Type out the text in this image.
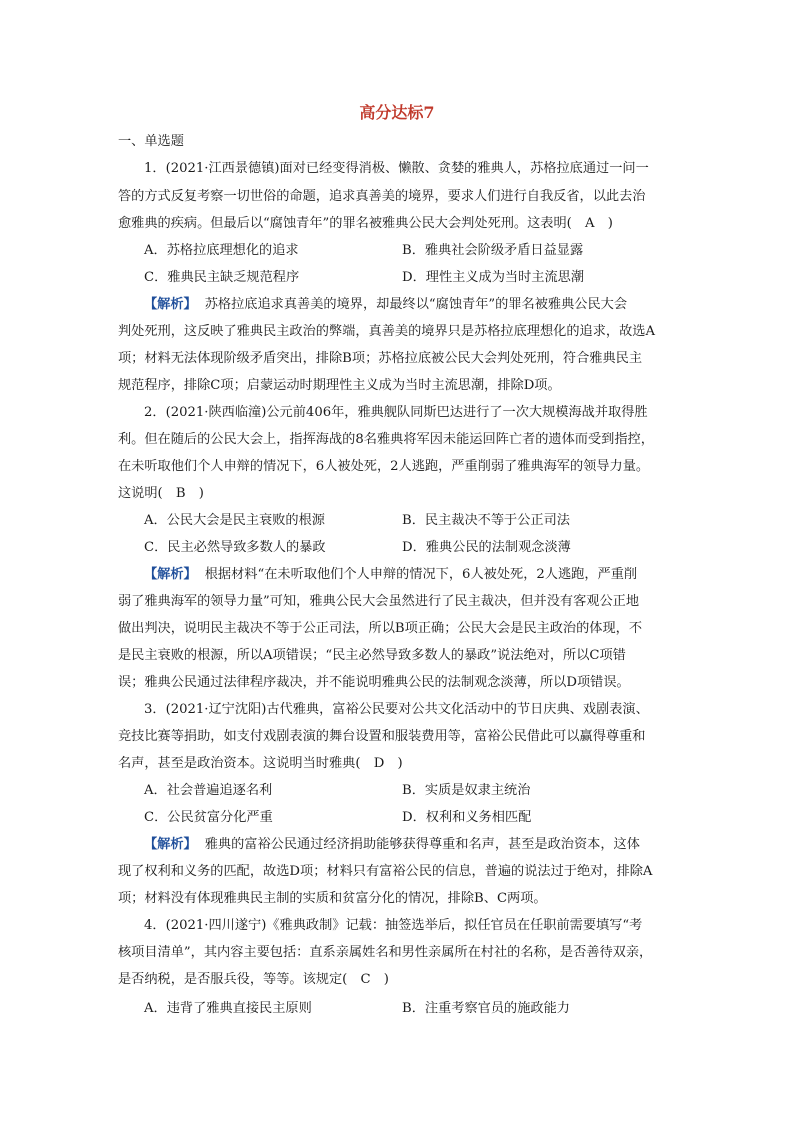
高分达标7
一、单选题
1．(2021·江西景德镇)面对已经变得消极、懒散、贪婪的雅典人，苏格拉底通过一问一
答的方式反复考察一切世俗的命题，追求真善美的境界，要求人们进行自我反省，以此去治
愈雅典的疾病。但最后以“腐蚀青年”的罪名被雅典公民大会判处死刑。这表明(　A　)
A．苏格拉底理想化的追求	B．雅典社会阶级矛盾日益显露
C．雅典民主缺乏规范程序	D．理性主义成为当时主流思潮
【解析】 苏格拉底追求真善美的境界，却最终以“腐蚀青年”的罪名被雅典公民大会
判处死刑，这反映了雅典民主政治的弊端，真善美的境界只是苏格拉底理想化的追求，故选A
项；材料无法体现阶级矛盾突出，排除B项；苏格拉底被公民大会判处死刑，符合雅典民主
规范程序，排除C项；启蒙运动时期理性主义成为当时主流思潮，排除D项。
2．(2021·陕西临潼)公元前406年，雅典舰队同斯巴达进行了一次大规模海战并取得胜
利。但在随后的公民大会上，指挥海战的8名雅典将军因未能运回阵亡者的遗体而受到指控，
在未听取他们个人申辩的情况下，6人被处死，2人逃跑，严重削弱了雅典海军的领导力量。
这说明(　B　)
A．公民大会是民主衰败的根源	B．民主裁决不等于公正司法
C．民主必然导致多数人的暴政	D．雅典公民的法制观念淡薄
【解析】 根据材料“在未听取他们个人申辩的情况下，6人被处死，2人逃跑，严重削
弱了雅典海军的领导力量”可知，雅典公民大会虽然进行了民主裁决，但并没有客观公正地
做出判决，说明民主裁决不等于公正司法，所以B项正确；公民大会是民主政治的体现，不
是民主衰败的根源，所以A项错误；“民主必然导致多数人的暴政”说法绝对，所以C项错
误；雅典公民通过法律程序裁决，并不能说明雅典公民的法制观念淡薄，所以D项错误。
3．(2021·辽宁沈阳)古代雅典，富裕公民要对公共文化活动中的节日庆典、戏剧表演、
竞技比赛等捐助，如支付戏剧表演的舞台设置和服装费用等，富裕公民借此可以赢得尊重和
名声，甚至是政治资本。这说明当时雅典(　D　)
A．社会普遍追逐名利	B．实质是奴隶主统治
C．公民贫富分化严重	D．权利和义务相匹配
【解析】 雅典的富裕公民通过经济捐助能够获得尊重和名声，甚至是政治资本，这体
现了权利和义务的匹配，故选D项；材料只有富裕公民的信息，普遍的说法过于绝对，排除A
项；材料没有体现雅典民主制的实质和贫富分化的情况，排除B、C两项。
4．(2021·四川遂宁)《雅典政制》记载：抽签选举后，拟任官员在任职前需要填写“考
核项目清单”，其内容主要包括：直系亲属姓名和男性亲属所在村社的名称，是否善待双亲，
是否纳税，是否服兵役，等等。该规定(　C　)
A．违背了雅典直接民主原则	B．注重考察官员的施政能力
